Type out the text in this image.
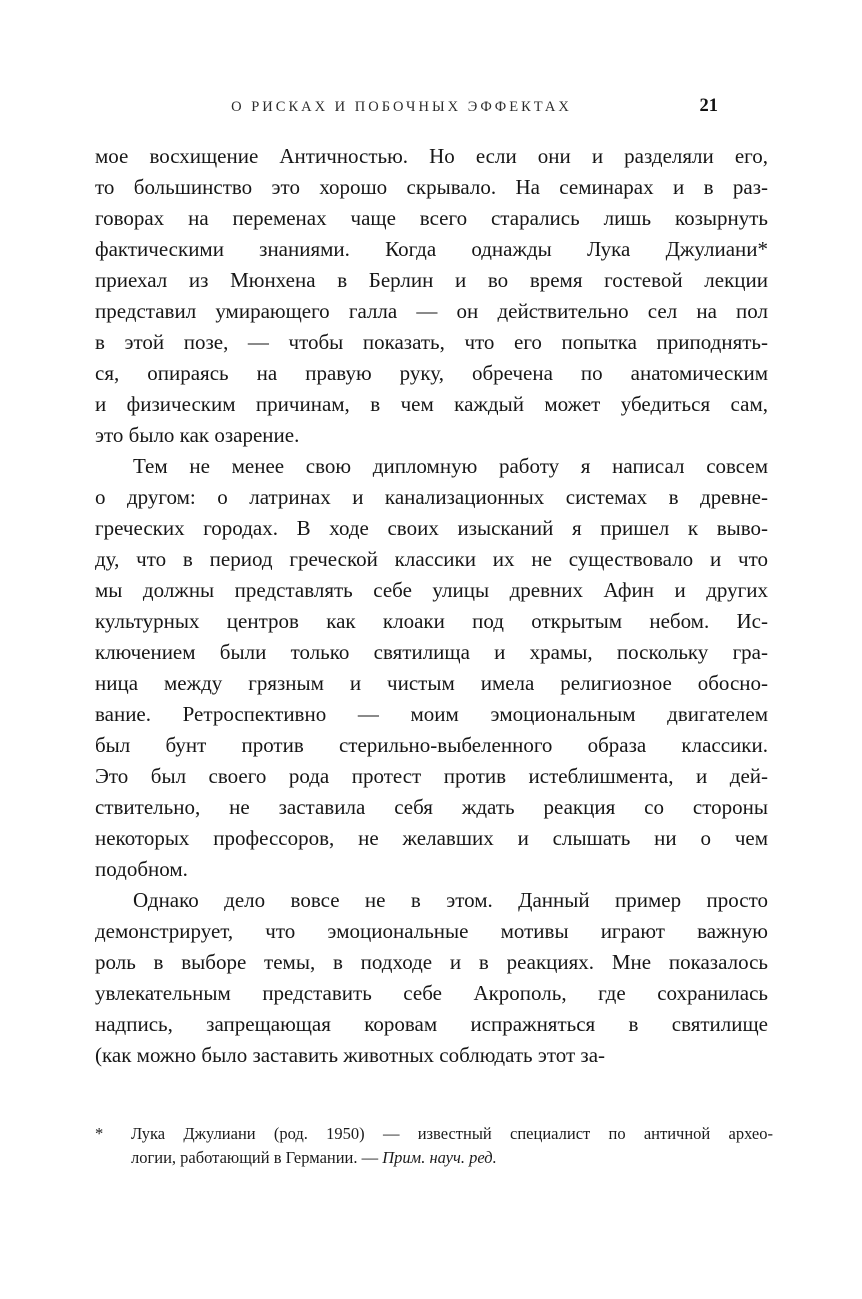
О РИСКАХ И ПОБОЧНЫХ ЭФФЕКТАХ	21
мое восхищение Античностью. Но если они и разделяли его,
то большинство это хорошо скрывало. На семинарах и в раз-
говорах на переменах чаще всего старались лишь козырнуть
фактическими знаниями. Когда однажды Лука Джулиани*
приехал из Мюнхена в Берлин и во время гостевой лекции
представил умирающего галла — он действительно сел на пол
в этой позе, — чтобы показать, что его попытка приподнять-
ся, опираясь на правую руку, обречена по анатомическим
и физическим причинам, в чем каждый может убедиться сам,
это было как озарение.
Тем не менее свою дипломную работу я написал совсем
о другом: о латринах и канализационных системах в древне-
греческих городах. В ходе своих изысканий я пришел к выво-
ду, что в период греческой классики их не существовало и что
мы должны представлять себе улицы древних Афин и других
культурных центров как клоаки под открытым небом. Ис-
ключением были только святилища и храмы, поскольку гра-
ница между грязным и чистым имела религиозное обосно-
вание. Ретроспективно — моим эмоциональным двигателем
был бунт против стерильно-выбеленного образа классики.
Это был своего рода протест против истеблишмента, и дей-
ствительно, не заставила себя ждать реакция со стороны
некоторых профессоров, не желавших и слышать ни о чем
подобном.
Однако дело вовсе не в этом. Данный пример просто
демонстрирует, что эмоциональные мотивы играют важную
роль в выборе темы, в подходе и в реакциях. Мне показалось
увлекательным представить себе Акрополь, где сохранилась
надпись, запрещающая коровам испражняться в святилище
(как можно было заставить животных соблюдать этот за-
* Лука Джулиани (род. 1950) — известный специалист по античной архео-
логии, работающий в Германии. — Прим. науч. ред.
